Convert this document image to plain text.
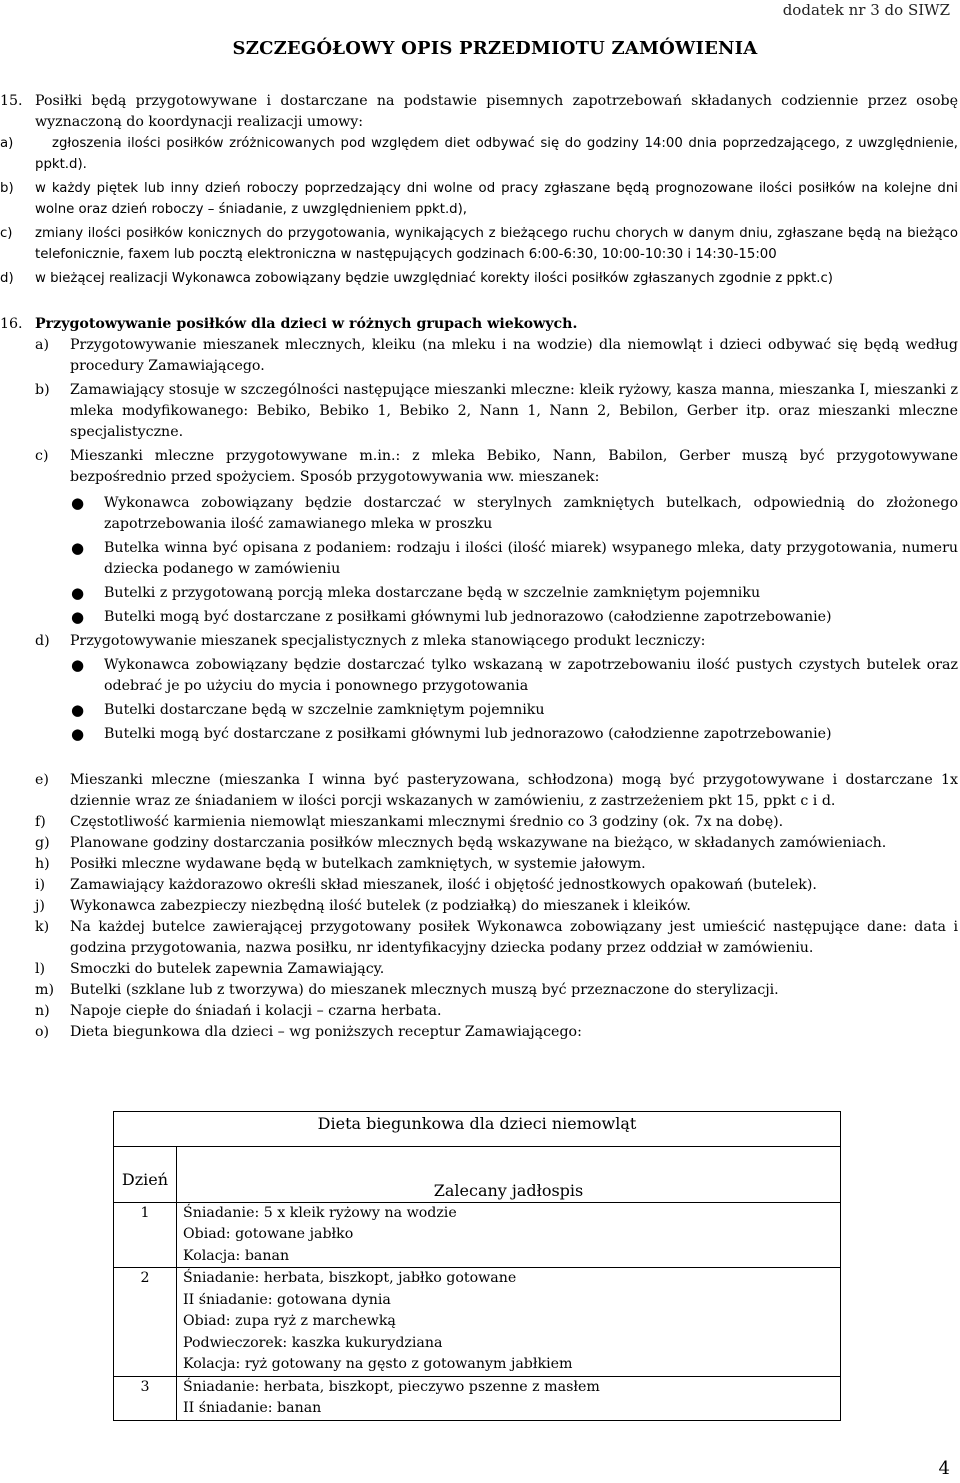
dodatek nr 3 do SIWZ
SZCZEGÓŁOWY OPIS PRZEDMIOTU ZAMÓWIENIA
15. Posiłki będą przygotowywane i dostarczane na podstawie pisemnych zapotrzebowań składanych codziennie przez osobę wyznaczoną do koordynacji realizacji umowy:
a)	zgłoszenia ilości posiłków zróżnicowanych pod względem diet odbywać się do godziny 14:00 dnia poprzedzającego, z uwzględnienie, ppkt.d).
b) w każdy piętek lub inny dzień roboczy poprzedzający dni wolne od pracy zgłaszane będą prognozowane ilości posiłków na kolejne dni wolne oraz dzień roboczy – śniadanie, z uwzględnieniem ppkt.d),
c) zmiany ilości posiłków konicznych do przygotowania, wynikających z bieżącego ruchu chorych w danym dniu, zgłaszane będą na bieżąco telefonicznie, faxem lub pocztą elektroniczna w następujących godzinach 6:00-6:30, 10:00-10:30 i 14:30-15:00
d) w bieżącej realizacji Wykonawca zobowiązany będzie uwzględniać korekty ilości posiłków zgłaszanych zgodnie z ppkt.c)
16. Przygotowywanie posiłków dla dzieci w różnych grupach wiekowych.
a) Przygotowywanie mieszanek mlecznych, kleiku (na mleku i na wodzie) dla niemowląt i dzieci odbywać się będą według procedury Zamawiającego.
b) Zamawiający stosuje w szczególności następujące mieszanki mleczne: kleik ryżowy, kasza manna, mieszanka I, mieszanki z mleka modyfikowanego: Bebiko, Bebiko 1, Bebiko 2, Nann 1, Nann 2, Bebilon, Gerber itp. oraz mieszanki mleczne specjalistyczne.
c) Mieszanki mleczne przygotowywane m.in.: z mleka Bebiko, Nann, Babilon, Gerber muszą być przygotowywane bezpośrednio przed spożyciem. Sposób przygotowywania ww. mieszanek:
● Wykonawca zobowiązany będzie dostarczać w sterylnych zamkniętych butelkach, odpowiednią do złożonego zapotrzebowania ilość zamawianego mleka w proszku
● Butelka winna być opisana z podaniem: rodzaju i ilości (ilość miarek) wsypanego mleka, daty przygotowania, numeru dziecka podanego w zamówieniu
● Butelki z przygotowaną porcją mleka dostarczane będą w szczelnie zamkniętym pojemniku
● Butelki mogą być dostarczane z posiłkami głównymi lub jednorazowo (całodzienne zapotrzebowanie)
d) Przygotowywanie mieszanek specjalistycznych z mleka stanowiącego produkt leczniczy:
● Wykonawca zobowiązany będzie dostarczać tylko wskazaną w zapotrzebowaniu ilość pustych czystych butelek oraz odebrać je po użyciu do mycia i ponownego przygotowania
● Butelki dostarczane będą w szczelnie zamkniętym pojemniku
● Butelki mogą być dostarczane z posiłkami głównymi lub jednorazowo (całodzienne zapotrzebowanie)
e) Mieszanki mleczne (mieszanka I winna być pasteryzowana, schłodzona) mogą być przygotowywane i dostarczane 1x dziennie wraz ze śniadaniem w ilości porcji wskazanych w zamówieniu, z zastrzeżeniem pkt 15, ppkt c i d.
f) Częstotliwość karmienia niemowląt mieszankami mlecznymi średnio co 3 godziny (ok. 7x na dobę).
g) Planowane godziny dostarczania posiłków mlecznych będą wskazywane na bieżąco, w składanych zamówieniach.
h) Posiłki mleczne wydawane będą w butelkach zamkniętych, w systemie jałowym.
i) Zamawiający każdorazowo określi skład mieszanek, ilość i objętość jednostkowych opakowań (butelek).
j) Wykonawca zabezpieczy niezbędną ilość butelek (z podziałką) do mieszanek i kleików.
k) Na każdej butelce zawierającej przygotowany posiłek Wykonawca zobowiązany jest umieścić następujące dane: data i godzina przygotowania, nazwa posiłku, nr identyfikacyjny dziecka podany przez oddział w zamówieniu.
l) Smoczki do butelek zapewnia Zamawiający.
m) Butelki (szklane lub z tworzywa) do mieszanek mlecznych muszą być przeznaczone do sterylizacji.
n) Napoje ciepłe do śniadań i kolacji – czarna herbata.
o) Dieta biegunkowa dla dzieci – wg poniższych receptur Zamawiającego:
Dieta biegunkowa dla dzieci niemowląt	
Dzień	Zalecany jadłospis
1	Śniadanie: 5 x kleik ryżowy na wodzie
Obiad: gotowane jabłko
Kolacja: banan

2	Śniadanie: herbata, biszkopt, jabłko gotowane
II śniadanie: gotowana dynia
Obiad: zupa ryż z marchewką
Podwieczorek: kaszka kukurydziana
Kolacja: ryż gotowany na gęsto z gotowanym jabłkiem

3	Śniadanie: herbata, biszkopt, pieczywo pszenne z masłem
II śniadanie: banan
4
